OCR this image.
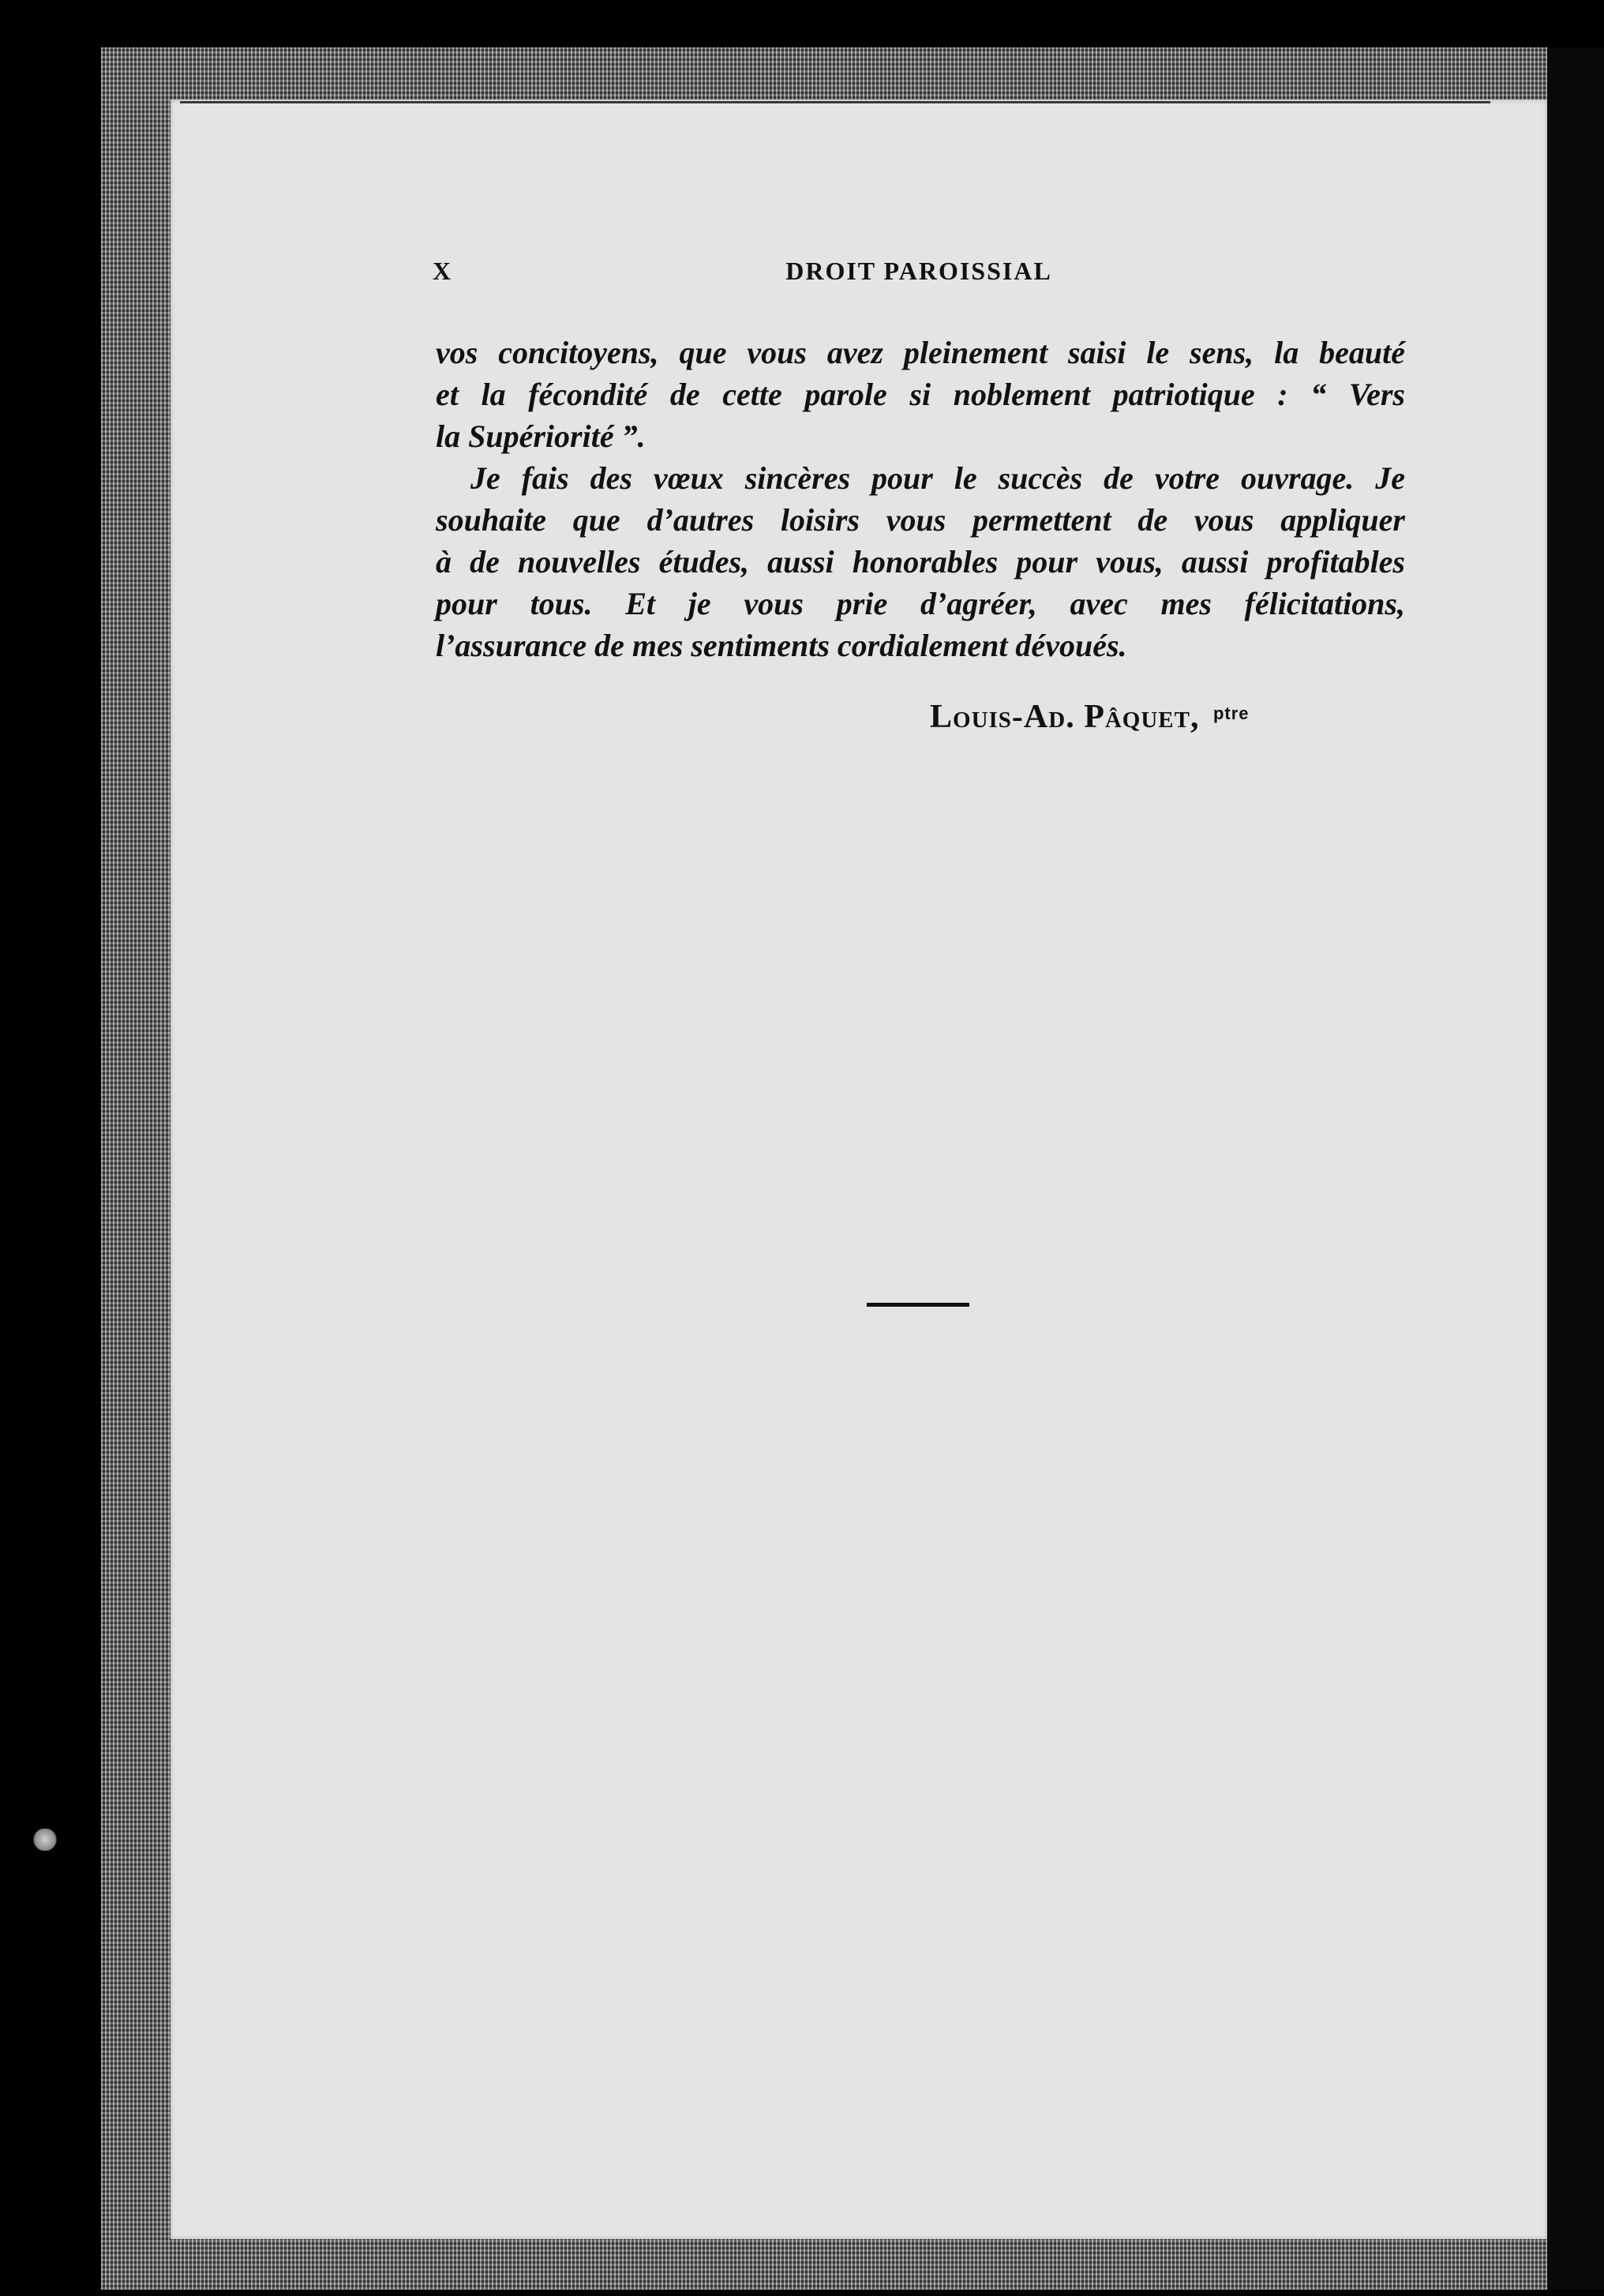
X	DROIT PAROISSIAL
vos concitoyens, que vous avez pleinement saisi le sens, la beauté
et la fécondité de cette parole si noblement patriotique : “ Vers
la Supériorité ”.
Je fais des vœux sincères pour le succès de votre ouvrage. Je
souhaite que d’autres loisirs vous permettent de vous appliquer
à de nouvelles études, aussi honorables pour vous, aussi profitables
pour tous. Et je vous prie d’agréer, avec mes félicitations,
l’assurance de mes sentiments cordialement dévoués.
Louis-Ad. Pâquet, $^{ptre}$
